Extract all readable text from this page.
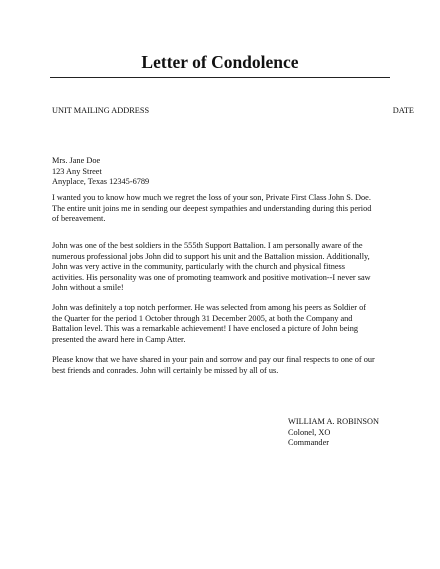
Letter of Condolence
UNIT MAILING ADDRESS	DATE
Mrs. Jane Doe
123 Any Street
Anyplace, Texas 12345-6789
I wanted you to know how much we regret the loss of your son, Private First Class John S. Doe.
The entire unit joins me in sending our deepest sympathies and understanding during this period
of bereavement.
John was one of the best soldiers in the 555th Support Battalion. I am personally aware of the
numerous professional jobs John did to support his unit and the Battalion mission. Additionally,
John was very active in the community, particularly with the church and physical fitness
activities. His personality was one of promoting teamwork and positive motivation--I never saw
John without a smile!
John was definitely a top notch performer. He was selected from among his peers as Soldier of
the Quarter for the period 1 October through 31 December 2005, at both the Company and
Battalion level. This was a remarkable achievement! I have enclosed a picture of John being
presented the award here in Camp Atter.
Please know that we have shared in your pain and sorrow and pay our final respects to one of our
best friends and conrades. John will certainly be missed by all of us.
WILLIAM A. ROBINSON
Colonel, XO
Commander
